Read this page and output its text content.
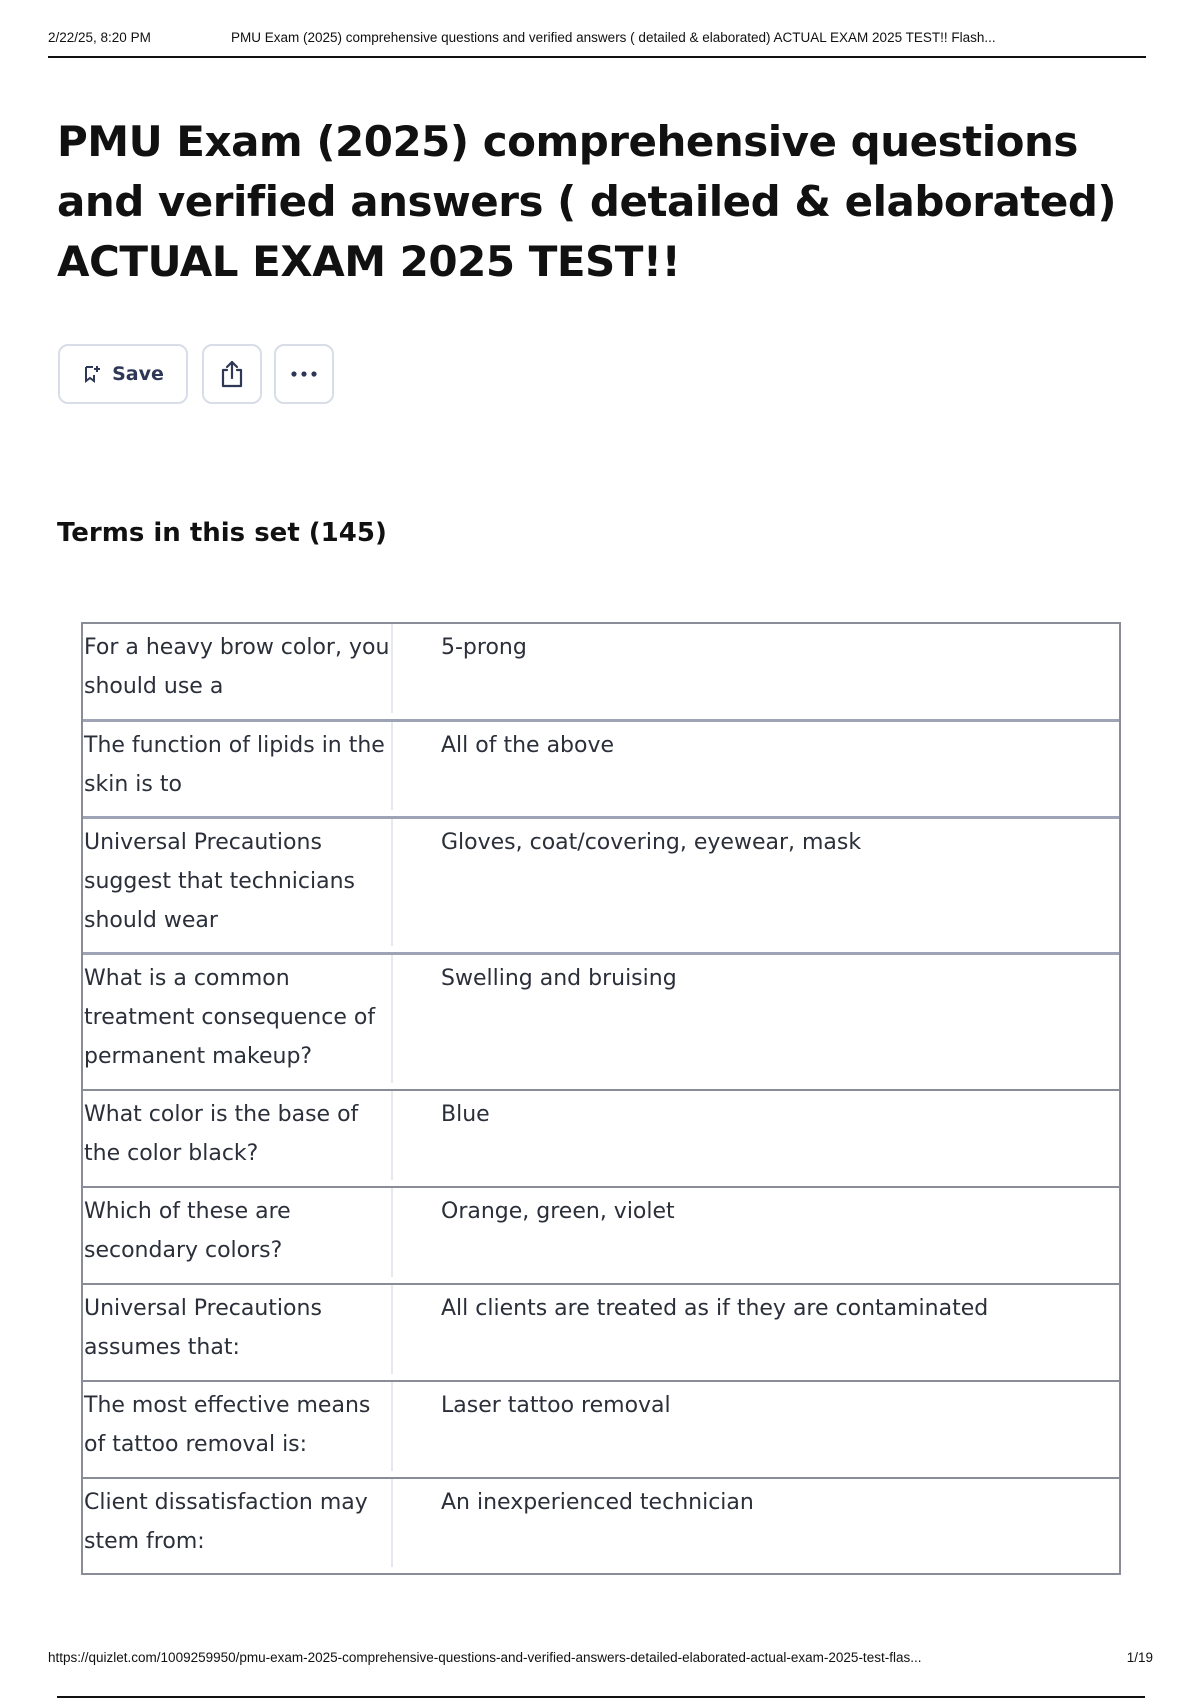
2/22/25, 8:20 PM	PMU Exam (2025) comprehensive questions and verified answers ( detailed & elaborated) ACTUAL EXAM 2025 TEST!! Flash...
PMU Exam (2025) comprehensive questions and verified answers ( detailed & elaborated) ACTUAL EXAM 2025 TEST!!
Save
Terms in this set (145)
For a heavy brow color, you should use a
5-prong
The function of lipids in the skin is to
All of the above
Universal Precautions suggest that technicians should wear
Gloves, coat/covering, eyewear, mask
What is a common treatment consequence of permanent makeup?
Swelling and bruising
What color is the base of the color black?
Blue
Which of these are secondary colors?
Orange, green, violet
Universal Precautions assumes that:
All clients are treated as if they are contaminated
The most effective means of tattoo removal is:
Laser tattoo removal
Client dissatisfaction may stem from:
An inexperienced technician
https://quizlet.com/1009259950/pmu-exam-2025-comprehensive-questions-and-verified-answers-detailed-elaborated-actual-exam-2025-test-flas...	1/19
